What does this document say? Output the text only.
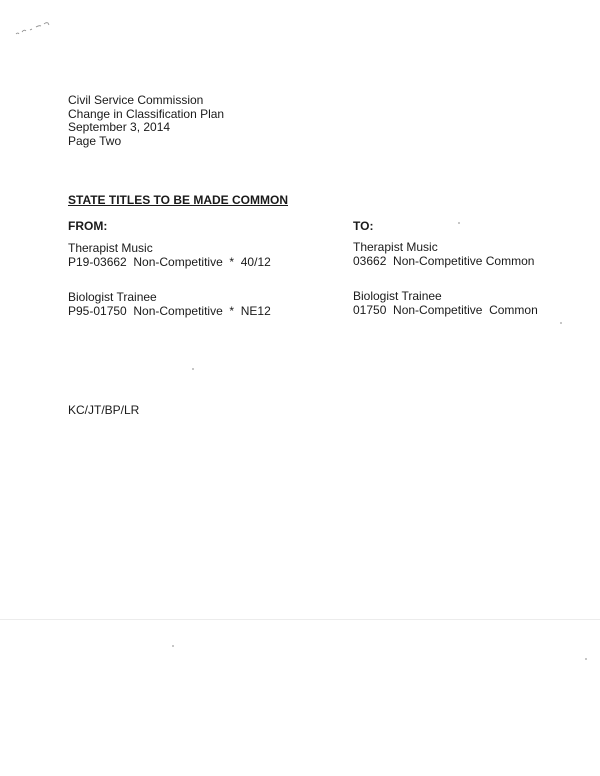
Civil Service Commission
Change in Classification Plan
September 3, 2014
Page Two
STATE TITLES TO BE MADE COMMON
FROM:	TO:
Therapist Music
P19-03662  Non-Competitive  *  40/12
Biologist Trainee
P95-01750  Non-Competitive  *  NE12
Therapist Music
03662  Non-Competitive Common
Biologist Trainee
01750  Non-Competitive  Common
KC/JT/BP/LR
